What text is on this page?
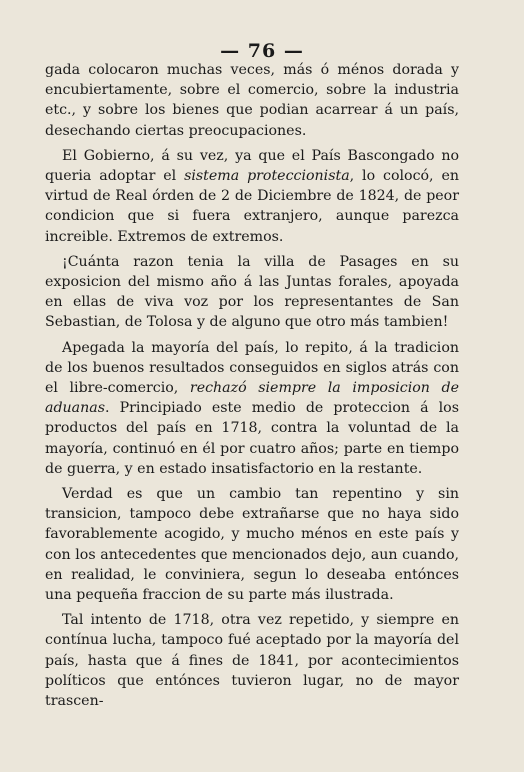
— 76 —

gada colocaron muchas veces, más ó ménos dorada y encubiertamente, sobre el comercio, sobre la industria etc., y sobre los bienes que podian acarrear á un país, desechando ciertas preocupaciones.

El Gobierno, á su vez, ya que el País Bascongado no queria adoptar el sistema proteccionista, lo colocó, en virtud de Real órden de 2 de Diciembre de 1824, de peor condicion que si fuera extranjero, aunque parezca increible. Extremos de extremos.

¡Cuánta razon tenia la villa de Pasages en su exposicion del mismo año á las Juntas forales, apoyada en ellas de viva voz por los representantes de San Sebastian, de Tolosa y de alguno que otro más tambien!

Apegada la mayoría del país, lo repito, á la tradicion de los buenos resultados conseguidos en siglos atrás con el libre-comercio, rechazó siempre la imposicion de aduanas. Principiado este medio de proteccion á los productos del país en 1718, contra la voluntad de la mayoría, continuó en él por cuatro años; parte en tiempo de guerra, y en estado insatisfactorio en la restante.

Verdad es que un cambio tan repentino y sin transicion, tampoco debe extrañarse que no haya sido favorablemente acogido, y mucho ménos en este país y con los antecedentes que mencionados dejo, aun cuando, en realidad, le conviniera, segun lo deseaba entónces una pequeña fraccion de su parte más ilustrada.

Tal intento de 1718, otra vez repetido, y siempre en contínua lucha, tampoco fué aceptado por la mayoría del país, hasta que á fines de 1841, por acontecimientos políticos que entónces tuvieron lugar, no de mayor trascen-
